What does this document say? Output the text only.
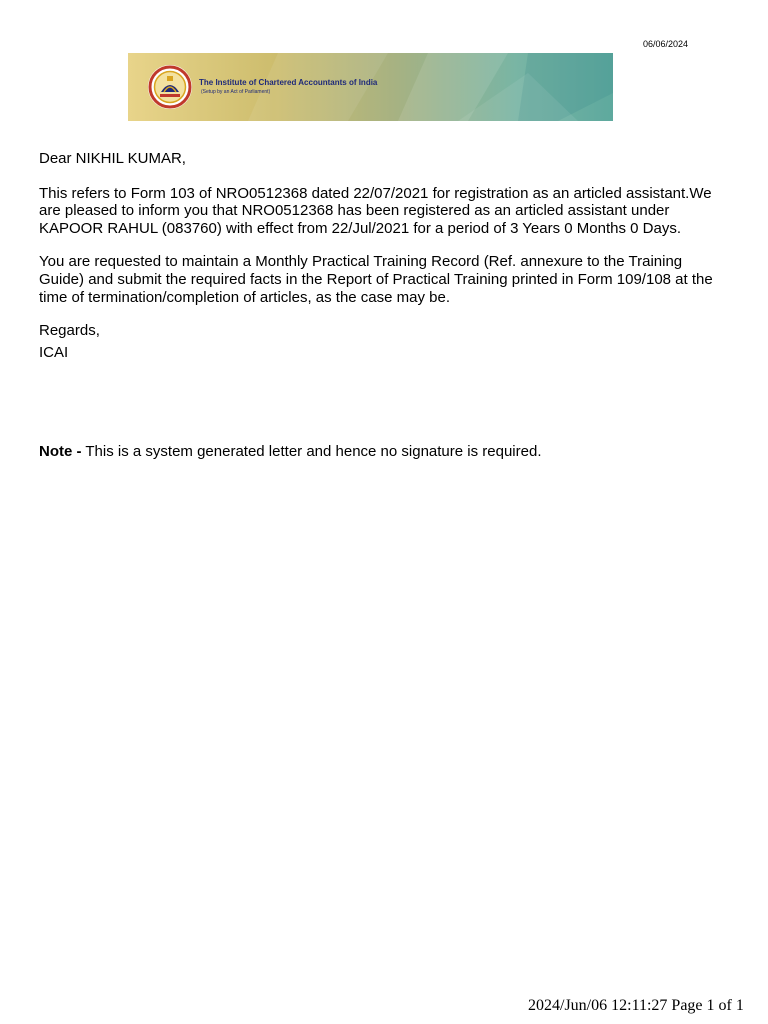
06/06/2024
The Institute of Chartered Accountants of India
(Setup by an Act of Parliament)

Dear NIKHIL KUMAR,

This refers to Form 103 of NRO0512368 dated 22/07/2021 for registration as an articled assistant.We are pleased to inform you that NRO0512368 has been registered as an articled assistant under KAPOOR RAHUL (083760) with effect from 22/Jul/2021 for a period of 3 Years 0 Months 0 Days.

You are requested to maintain a Monthly Practical Training Record (Ref. annexure to the Training Guide) and submit the required facts in the Report of Practical Training printed in Form 109/108 at the time of termination/completion of articles, as the case may be.

Regards,

ICAI

Note - This is a system generated letter and hence no signature is required.
2024/Jun/06 12:11:27 Page 1 of 1
